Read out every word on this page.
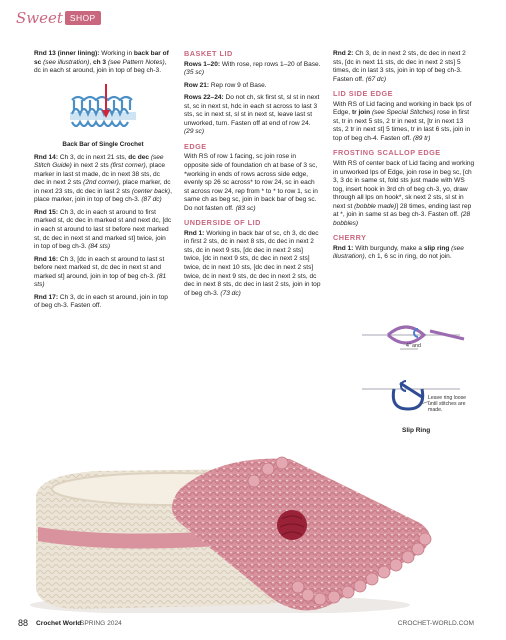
Sweet SHOP

Rnd 13 (inner lining): Working in back bar of sc (see illustration), ch 3 (see Pattern Notes), dc in each st around, join in top of beg ch-3.

Back Bar of Single Crochet

Rnd 14: Ch 3, dc in next 21 sts, dc dec (see Stitch Guide) in next 2 sts (first corner), place marker in last st made, dc in next 38 sts, dc dec in next 2 sts (2nd corner), place marker, dc in next 23 sts, dc dec in last 2 sts (center back), place marker, join in top of beg ch-3. (87 dc)

Rnd 15: Ch 3, dc in each st around to first marked st, dc dec in marked st and next dc, [dc in each st around to last st before next marked st, dc dec in next st and marked st] twice, join in top of beg ch-3. (84 sts)

Rnd 16: Ch 3, [dc in each st around to last st before next marked st, dc dec in next st and marked st] around, join in top of beg ch-3. (81 sts)

Rnd 17: Ch 3, dc in each st around, join in top of beg ch-3. Fasten off.

BASKET LID

Rows 1–20: With rose, rep rows 1–20 of Base. (35 sc)

Row 21: Rep row 9 of Base.

Rows 22–24: Do not ch, sk first st, sl st in next st, sc in next st, hdc in each st across to last 3 sts, sc in next st, sl st in next st, leave last st unworked, turn. Fasten off at end of row 24. (29 sc)

EDGE

With RS of row 1 facing, sc join rose in opposite side of foundation ch at base of 3 sc, *working in ends of rows across side edge, evenly sp 26 sc across* to row 24, sc in each st across row 24, rep from * to * to row 1, sc in same ch as beg sc, join in back bar of beg sc. Do not fasten off. (83 sc)

UNDERSIDE OF LID

Rnd 1: Working in back bar of sc, ch 3, dc dec in first 2 sts, dc in next 8 sts, dc dec in next 2 sts, dc in next 9 sts, [dc dec in next 2 sts] twice, [dc in next 9 sts, dc dec in next 2 sts] twice, dc in next 10 sts, [dc dec in next 2 sts] twice, dc in next 9 sts, dc dec in next 2 sts, dc dec in next 8 sts, dc dec in last 2 sts, join in top of beg ch-3. (73 dc)

Rnd 2: Ch 3, dc in next 2 sts, dc dec in next 2 sts, [dc in next 11 sts, dc dec in next 2 sts] 5 times, dc in last 3 sts, join in top of beg ch-3. Fasten off. (67 dc)

LID SIDE EDGE

With RS of Lid facing and working in back lps of Edge, tr join (see Special Stitches) rose in first st, tr in next 5 sts, 2 tr in next st, [tr in next 13 sts, 2 tr in next st] 5 times, tr in last 6 sts, join in top of beg ch-4. Fasten off. (89 tr)

FROSTING SCALLOP EDGE

With RS of center back of Lid facing and working in unworked lps of Edge, join rose in beg sc, [ch 3, 3 dc in same st, fold sts just made with WS tog, insert hook in 3rd ch of beg ch-3, yo, draw through all lps on hook*, sk next 2 sts, sl st in next st (bobble made)] 28 times, ending last rep at *, join in same st as beg ch-3. Fasten off. (28 bobbles)

CHERRY

Rnd 1: With burgundy, make a slip ring (see illustration), ch 1, 6 sc in ring, do not join.

4" and
Leave ring loose until stitches are made.
Slip Ring
88 Crochet World
SPRING 2024	CROCHET-WORLD.COM
